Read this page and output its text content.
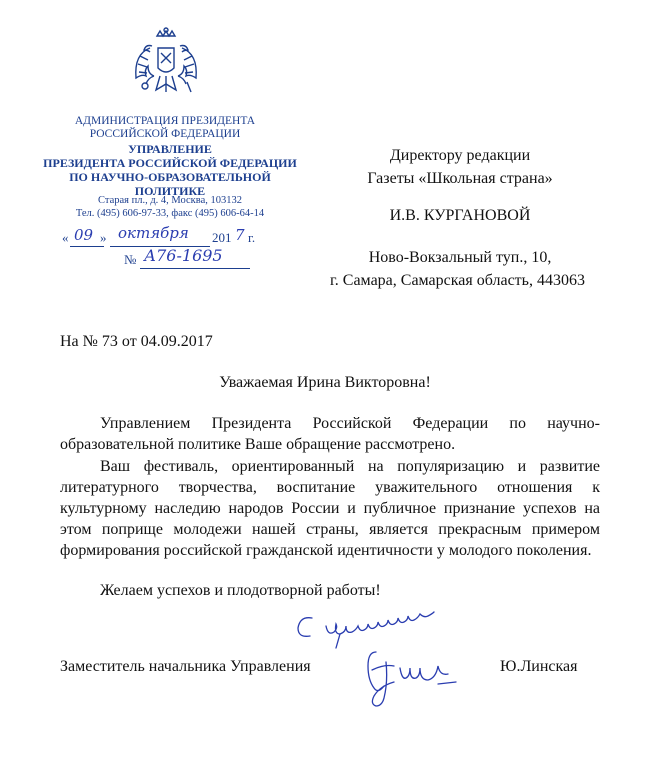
АДМИНИСТРАЦИЯ ПРЕЗИДЕНТА
РОССИЙСКОЙ ФЕДЕРАЦИИ
УПРАВЛЕНИЕ
ПРЕЗИДЕНТА РОССИЙСКОЙ ФЕДЕРАЦИИ
ПО НАУЧНО-ОБРАЗОВАТЕЛЬНОЙ ПОЛИТИКЕ
Старая пл., д. 4, Москва, 103132
Тел. (495) 606-97-33, факс (495) 606-64-14
« 09 » октября 201 7 г.
№ А76-1695
Директору редакции
Газеты «Школьная страна»
И.В. КУРГАНОВОЙ
Ново-Вокзальный туп., 10,
г. Самара, Самарская область, 443063
На № 73 от 04.09.2017
Уважаемая Ирина Викторовна!
Управлением Президента Российской Федерации по научно-образовательной политике Ваше обращение рассмотрено.
Ваш фестиваль, ориентированный на популяризацию и развитие литературного творчества, воспитание уважительного отношения к культурному наследию народов России и публичное признание успехов на этом поприще молодежи нашей страны, является прекрасным примером формирования российской гражданской идентичности у молодого поколения.
Желаем успехов и плодотворной работы!
Заместитель начальника Управления	Ю.Линская
